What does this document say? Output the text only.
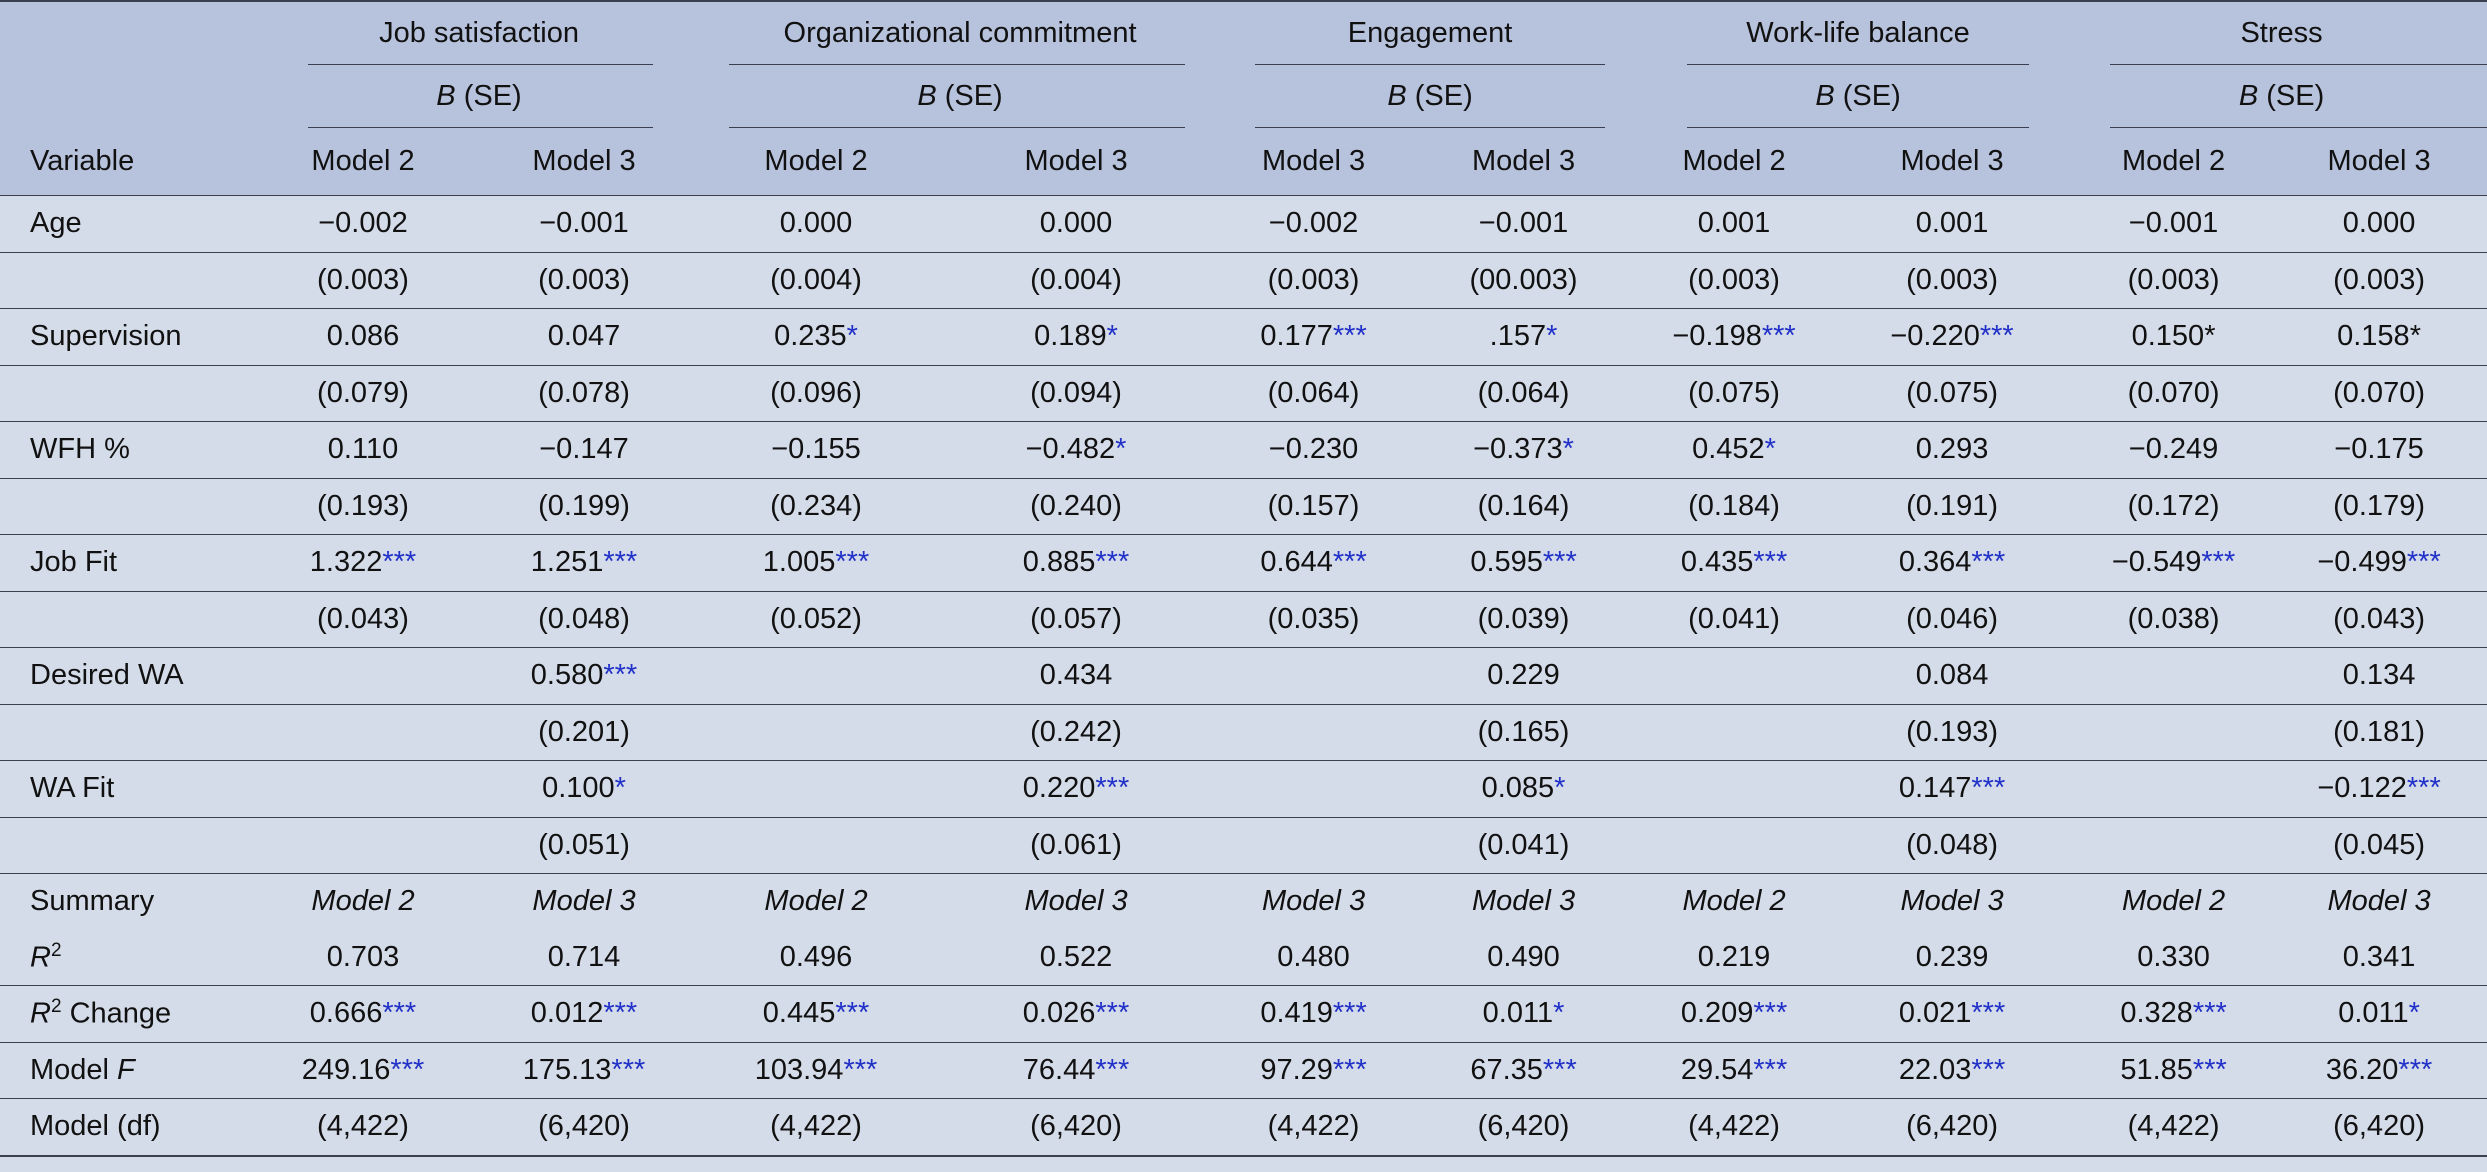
	Job satisfaction		Organizational commitment		Engagement		Work-life balance		Stress	

	B (SE)		B (SE)		B (SE)		B (SE)		B (SE)	

Variable	Model 2	Model 3	Model 2	Model 3	Model 3	Model 3	Model 2	Model 3	Model 2	Model 3
Age	−0.002	−0.001	0.000	0.000	−0.002	−0.001	0.001	0.001	−0.001	0.000
	(0.003)	(0.003)	(0.004)	(0.004)	(0.003)	(00.003)	(0.003)	(0.003)	(0.003)	(0.003)
Supervision	0.086	0.047	0.235*	0.189*	0.177***	.157*	−0.198***	−0.220***	0.150*	0.158*
	(0.079)	(0.078)	(0.096)	(0.094)	(0.064)	(0.064)	(0.075)	(0.075)	(0.070)	(0.070)
WFH %	0.110	−0.147	−0.155	−0.482*	−0.230	−0.373*	0.452*	0.293	−0.249	−0.175
	(0.193)	(0.199)	(0.234)	(0.240)	(0.157)	(0.164)	(0.184)	(0.191)	(0.172)	(0.179)
Job Fit	1.322***	1.251***	1.005***	0.885***	0.644***	0.595***	0.435***	0.364***	−0.549***	−0.499***
	(0.043)	(0.048)	(0.052)	(0.057)	(0.035)	(0.039)	(0.041)	(0.046)	(0.038)	(0.043)
Desired WA		0.580***		0.434		0.229		0.084		0.134
		(0.201)		(0.242)		(0.165)		(0.193)		(0.181)
WA Fit		0.100*		0.220***		0.085*		0.147***		−0.122***
		(0.051)		(0.061)		(0.041)		(0.048)		(0.045)
Summary	Model 2	Model 3	Model 2	Model 3	Model 3	Model 3	Model 2	Model 3	Model 2	Model 3
$R^2$	0.703	0.714	0.496	0.522	0.480	0.490	0.219	0.239	0.330	0.341
$R^2$ Change	0.666***	0.012***	0.445***	0.026***	0.419***	0.011*	0.209***	0.021***	0.328***	0.011*
Model F	249.16***	175.13***	103.94***	76.44***	97.29***	67.35***	29.54***	22.03***	51.85***	36.20***
Model (df)	(4,422)	(6,420)	(4,422)	(6,420)	(4,422)	(6,420)	(4,422)	(6,420)	(4,422)	(6,420)
